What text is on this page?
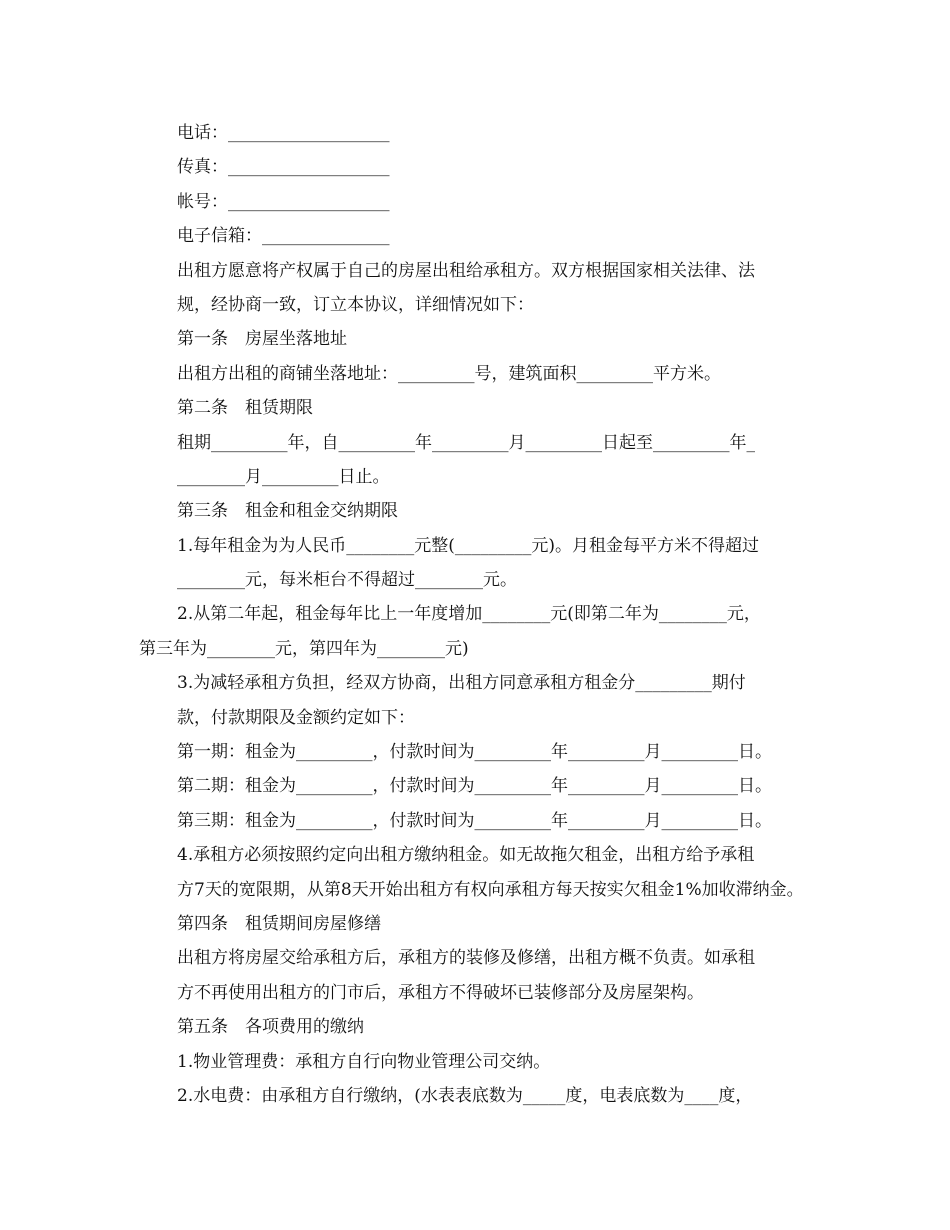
电话：___________________
传真：___________________
帐号：___________________
电子信箱：_______________
出租方愿意将产权属于自己的房屋出租给承租方。双方根据国家相关法律、法
规，经协商一致，订立本协议，详细情况如下：
第一条　房屋坐落地址
出租方出租的商铺坐落地址：_________号，建筑面积_________平方米。
第二条　租赁期限
租期_________年，自_________年_________月_________日起至_________年_
________月_________日止。
第三条　租金和租金交纳期限
1.每年租金为为人民币________元整(_________元)。月租金每平方米不得超过
________元，每米柜台不得超过________元。
2.从第二年起，租金每年比上一年度增加________元(即第二年为________元，
第三年为________元，第四年为________元)
3.为减轻承租方负担，经双方协商，出租方同意承租方租金分_________期付
款，付款期限及金额约定如下：
第一期：租金为_________，付款时间为_________年_________月_________日。
第二期：租金为_________，付款时间为_________年_________月_________日。
第三期：租金为_________，付款时间为_________年_________月_________日。
4.承租方必须按照约定向出租方缴纳租金。如无故拖欠租金，出租方给予承租
方7天的宽限期，从第8天开始出租方有权向承租方每天按实欠租金1%加收滞纳金。
第四条　租赁期间房屋修缮
出租方将房屋交给承租方后，承租方的装修及修缮，出租方概不负责。如承租
方不再使用出租方的门市后，承租方不得破坏已装修部分及房屋架构。
第五条　各项费用的缴纳
1.物业管理费：承租方自行向物业管理公司交纳。
2.水电费：由承租方自行缴纳，(水表表底数为_____度，电表底数为____度，
